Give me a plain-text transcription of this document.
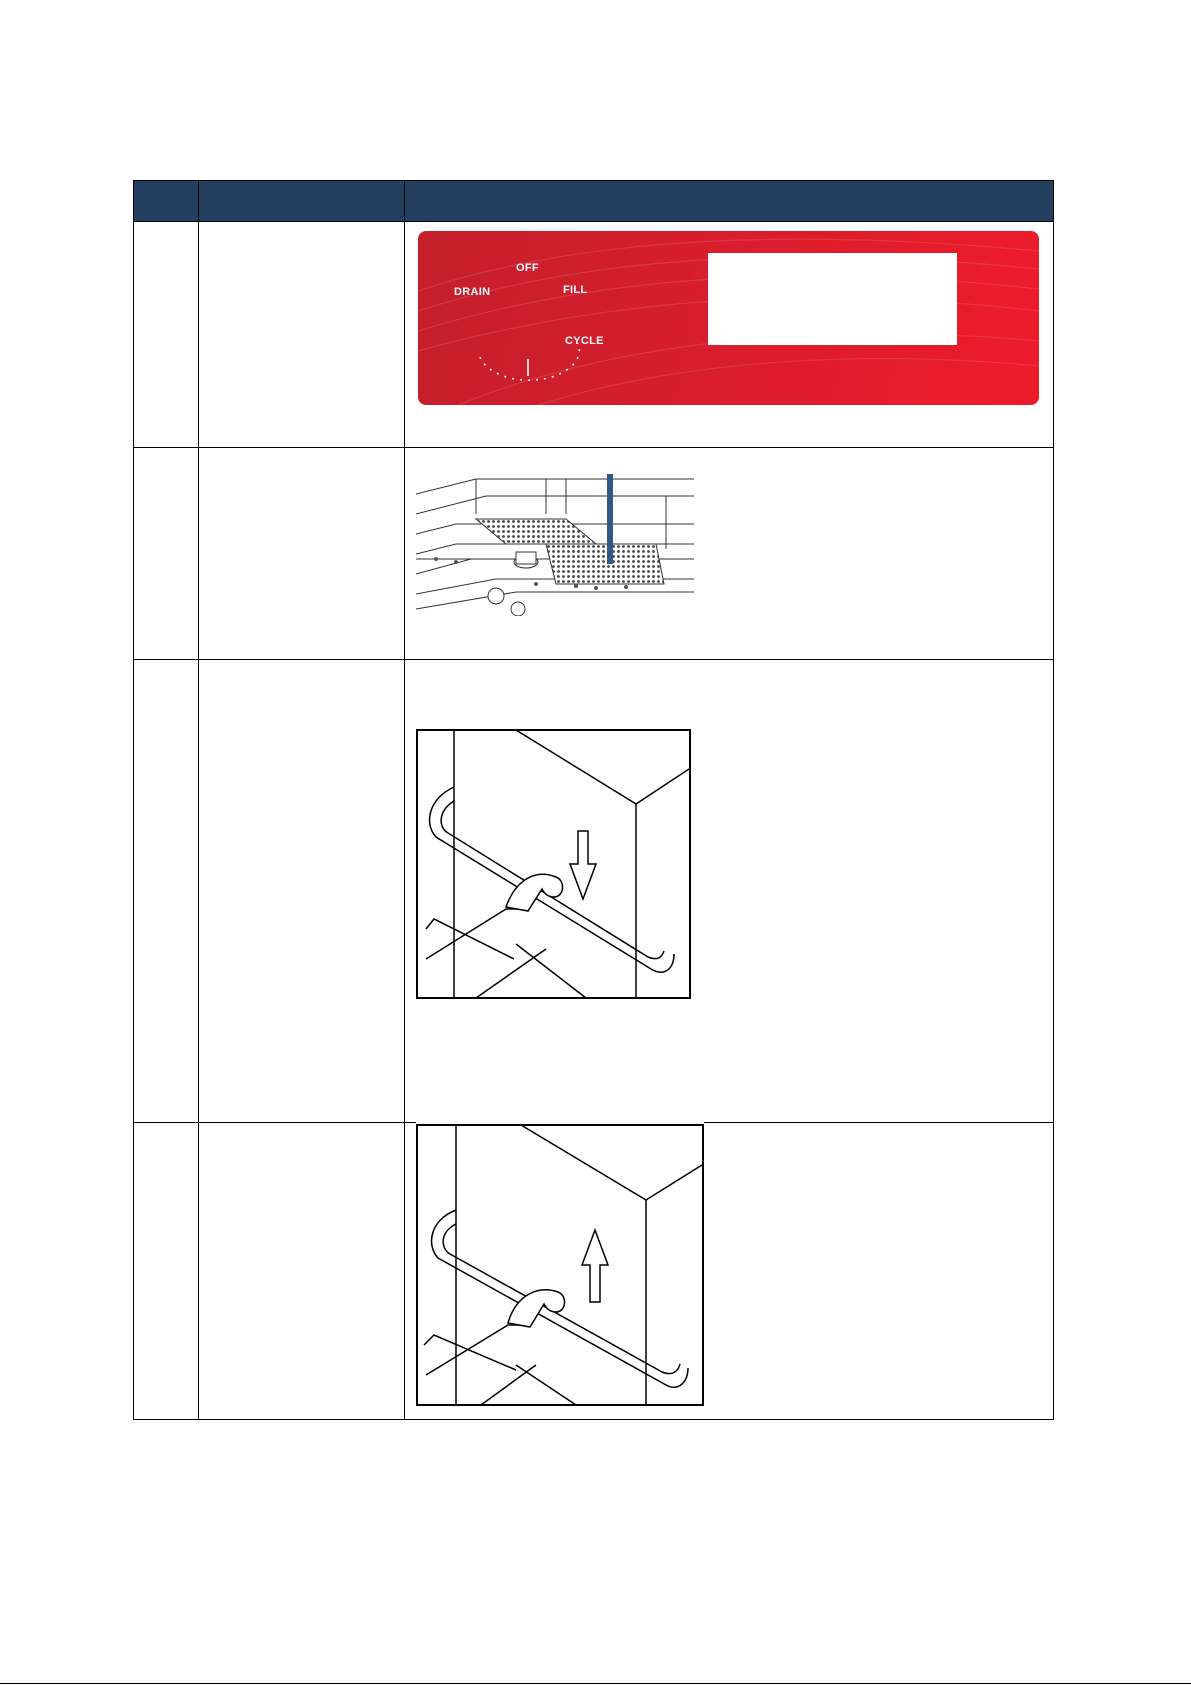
OFF
DRAIN	FILL
CYCLE
